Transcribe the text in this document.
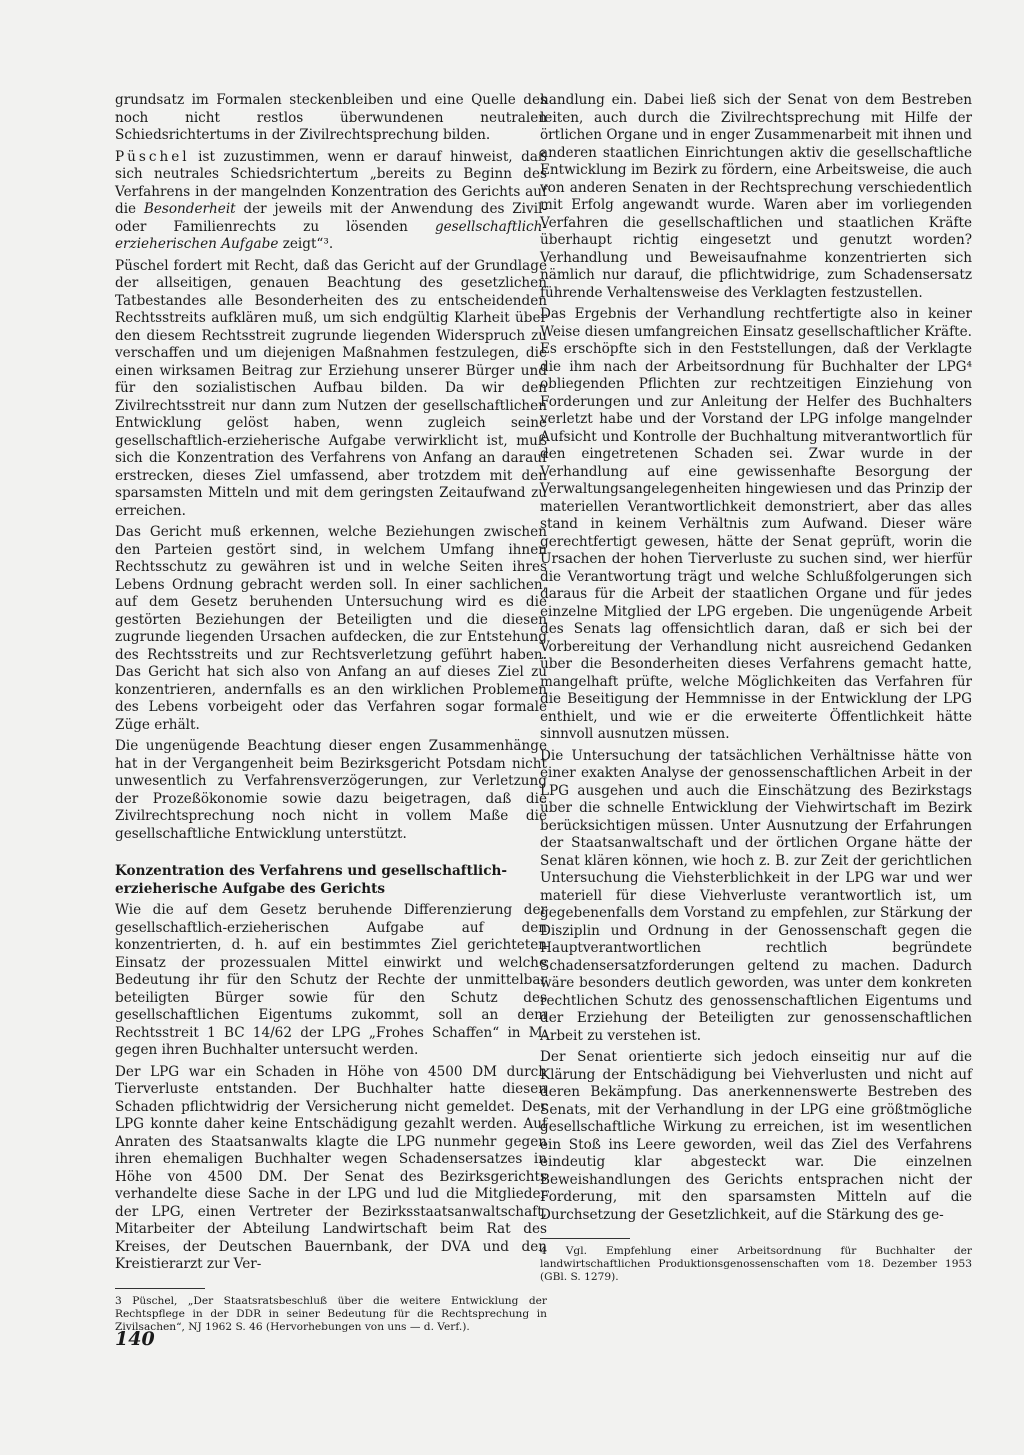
grundsatz im Formalen steckenbleiben und eine Quelle des noch nicht restlos überwundenen neutralen Schiedsrichtertums in der Zivilrechtsprechung bilden.

Püschel ist zuzustimmen, wenn er darauf hinweist, daß sich neutrales Schiedsrichtertum „bereits zu Beginn des Verfahrens in der mangelnden Konzentration des Gerichts auf die Besonderheit der jeweils mit der Anwendung des Zivil- oder Familienrechts zu lösenden gesellschaftlich-erzieherischen Aufgabe zeigt“³.

Püschel fordert mit Recht, daß das Gericht auf der Grundlage der allseitigen, genauen Beachtung des gesetzlichen Tatbestandes alle Besonderheiten des zu entscheidenden Rechtsstreits aufklären muß, um sich endgültig Klarheit über den diesem Rechtsstreit zugrunde liegenden Widerspruch zu verschaffen und um diejenigen Maßnahmen festzulegen, die einen wirksamen Beitrag zur Erziehung unserer Bürger und für den sozialistischen Aufbau bilden. Da wir den Zivilrechtsstreit nur dann zum Nutzen der gesellschaftlichen Entwicklung gelöst haben, wenn zugleich seine gesellschaftlich-erzieherische Aufgabe verwirklicht ist, muß sich die Konzentration des Verfahrens von Anfang an darauf erstrecken, dieses Ziel umfassend, aber trotzdem mit den sparsamsten Mitteln und mit dem geringsten Zeitaufwand zu erreichen.

Das Gericht muß erkennen, welche Beziehungen zwischen den Parteien gestört sind, in welchem Umfang ihnen Rechtsschutz zu gewähren ist und in welche Seiten ihres Lebens Ordnung gebracht werden soll. In einer sachlichen, auf dem Gesetz beruhenden Untersuchung wird es die gestörten Beziehungen der Beteiligten und die diesen zugrunde liegenden Ursachen aufdecken, die zur Entstehung des Rechtsstreits und zur Rechtsverletzung geführt haben. Das Gericht hat sich also von Anfang an auf dieses Ziel zu konzentrieren, andernfalls es an den wirklichen Problemen des Lebens vorbeigeht oder das Verfahren sogar formale Züge erhält.

Die ungenügende Beachtung dieser engen Zusammenhänge hat in der Vergangenheit beim Bezirksgericht Potsdam nicht unwesentlich zu Verfahrensverzögerungen, zur Verletzung der Prozeßökonomie sowie dazu beigetragen, daß die Zivilrechtsprechung noch nicht in vollem Maße die gesellschaftliche Entwicklung unterstützt.

Konzentration des Verfahrens und gesellschaftlich-erzieherische Aufgabe des Gerichts

Wie die auf dem Gesetz beruhende Differenzierung der gesellschaftlich-erzieherischen Aufgabe auf den konzentrierten, d. h. auf ein bestimmtes Ziel gerichteten Einsatz der prozessualen Mittel einwirkt und welche Bedeutung ihr für den Schutz der Rechte der unmittelbar beteiligten Bürger sowie für den Schutz des gesellschaftlichen Eigentums zukommt, soll an dem Rechtsstreit 1 BC 14/62 der LPG „Frohes Schaffen“ in M. gegen ihren Buchhalter untersucht werden.

Der LPG war ein Schaden in Höhe von 4500 DM durch Tierverluste entstanden. Der Buchhalter hatte diesen Schaden pflichtwidrig der Versicherung nicht gemeldet. Der LPG konnte daher keine Entschädigung gezahlt werden. Auf Anraten des Staatsanwalts klagte die LPG nunmehr gegen ihren ehemaligen Buchhalter wegen Schadensersatzes in Höhe von 4500 DM. Der Senat des Bezirksgerichts verhandelte diese Sache in der LPG und lud die Mitglieder der LPG, einen Vertreter der Bezirksstaatsanwaltschaft, Mitarbeiter der Abteilung Landwirtschaft beim Rat des Kreises, der Deutschen Bauernbank, der DVA und den Kreistierarzt zur Ver-

3 Püschel, „Der Staatsratsbeschluß über die weitere Entwicklung der Rechtspflege in der DDR in seiner Bedeutung für die Rechtsprechung in Zivilsachen“, NJ 1962 S. 46 (Hervorhebungen von uns — d. Verf.).

handlung ein. Dabei ließ sich der Senat von dem Bestreben leiten, auch durch die Zivilrechtsprechung mit Hilfe der örtlichen Organe und in enger Zusammenarbeit mit ihnen und anderen staatlichen Einrichtungen aktiv die gesellschaftliche Entwicklung im Bezirk zu fördern, eine Arbeitsweise, die auch von anderen Senaten in der Rechtsprechung verschiedentlich mit Erfolg angewandt wurde. Waren aber im vorliegenden Verfahren die gesellschaftlichen und staatlichen Kräfte überhaupt richtig eingesetzt und genutzt worden? Verhandlung und Beweisaufnahme konzentrierten sich nämlich nur darauf, die pflichtwidrige, zum Schadensersatz führende Verhaltensweise des Verklagten festzustellen.

Das Ergebnis der Verhandlung rechtfertigte also in keiner Weise diesen umfangreichen Einsatz gesellschaftlicher Kräfte. Es erschöpfte sich in den Feststellungen, daß der Verklagte die ihm nach der Arbeitsordnung für Buchhalter der LPG⁴ obliegenden Pflichten zur rechtzeitigen Einziehung von Forderungen und zur Anleitung der Helfer des Buchhalters verletzt habe und der Vorstand der LPG infolge mangelnder Aufsicht und Kontrolle der Buchhaltung mitverantwortlich für den eingetretenen Schaden sei. Zwar wurde in der Verhandlung auf eine gewissenhafte Besorgung der Verwaltungsangelegenheiten hingewiesen und das Prinzip der materiellen Verantwortlichkeit demonstriert, aber das alles stand in keinem Verhältnis zum Aufwand. Dieser wäre gerechtfertigt gewesen, hätte der Senat geprüft, worin die Ursachen der hohen Tierverluste zu suchen sind, wer hierfür die Verantwortung trägt und welche Schlußfolgerungen sich daraus für die Arbeit der staatlichen Organe und für jedes einzelne Mitglied der LPG ergeben. Die ungenügende Arbeit des Senats lag offensichtlich daran, daß er sich bei der Vorbereitung der Verhandlung nicht ausreichend Gedanken über die Besonderheiten dieses Verfahrens gemacht hatte, mangelhaft prüfte, welche Möglichkeiten das Verfahren für die Beseitigung der Hemmnisse in der Entwicklung der LPG enthielt, und wie er die erweiterte Öffentlichkeit hätte sinnvoll ausnutzen müssen.

Die Untersuchung der tatsächlichen Verhältnisse hätte von einer exakten Analyse der genossenschaftlichen Arbeit in der LPG ausgehen und auch die Einschätzung des Bezirkstags über die schnelle Entwicklung der Viehwirtschaft im Bezirk berücksichtigen müssen. Unter Ausnutzung der Erfahrungen der Staatsanwaltschaft und der örtlichen Organe hätte der Senat klären können, wie hoch z. B. zur Zeit der gerichtlichen Untersuchung die Viehsterblichkeit in der LPG war und wer materiell für diese Viehverluste verantwortlich ist, um gegebenenfalls dem Vorstand zu empfehlen, zur Stärkung der Disziplin und Ordnung in der Genossenschaft gegen die Hauptverantwortlichen rechtlich begründete Schadensersatzforderungen geltend zu machen. Dadurch wäre besonders deutlich geworden, was unter dem konkreten rechtlichen Schutz des genossenschaftlichen Eigentums und der Erziehung der Beteiligten zur genossenschaftlichen Arbeit zu verstehen ist.

Der Senat orientierte sich jedoch einseitig nur auf die Klärung der Entschädigung bei Viehverlusten und nicht auf deren Bekämpfung. Das anerkennenswerte Bestreben des Senats, mit der Verhandlung in der LPG eine größtmögliche gesellschaftliche Wirkung zu erreichen, ist im wesentlichen ein Stoß ins Leere geworden, weil das Ziel des Verfahrens eindeutig klar abgesteckt war. Die einzelnen Beweishandlungen des Gerichts entsprachen nicht der Forderung, mit den sparsamsten Mitteln auf die Durchsetzung der Gesetzlichkeit, auf die Stärkung des ge-

4 Vgl. Empfehlung einer Arbeitsordnung für Buchhalter der landwirtschaftlichen Produktionsgenossenschaften vom 18. Dezember 1953 (GBl. S. 1279).

140
